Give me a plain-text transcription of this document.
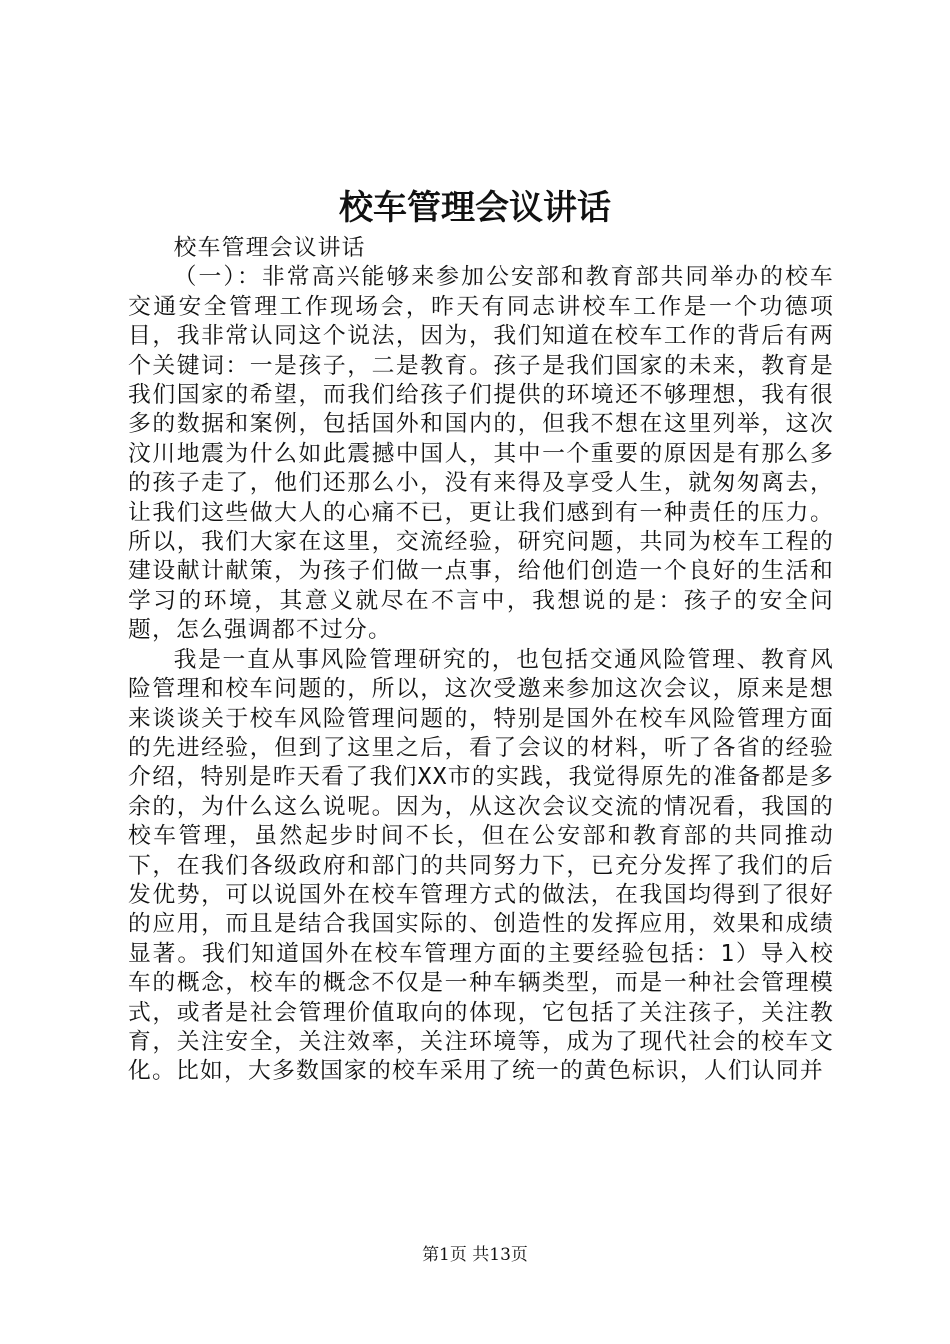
校车管理会议讲话

校车管理会议讲话

（一）：非常高兴能够来参加公安部和教育部共同举办的校车交通安全管理工作现场会，昨天有同志讲校车工作是一个功德项目，我非常认同这个说法，因为，我们知道在校车工作的背后有两个关键词：一是孩子，二是教育。孩子是我们国家的未来，教育是我们国家的希望，而我们给孩子们提供的环境还不够理想，我有很多的数据和案例，包括国外和国内的，但我不想在这里列举，这次汶川地震为什么如此震撼中国人，其中一个重要的原因是有那么多的孩子走了，他们还那么小，没有来得及享受人生，就匆匆离去，让我们这些做大人的心痛不已，更让我们感到有一种责任的压力。所以，我们大家在这里，交流经验，研究问题，共同为校车工程的建设献计献策，为孩子们做一点事，给他们创造一个良好的生活和学习的环境，其意义就尽在不言中，我想说的是：孩子的安全问题，怎么强调都不过分。

我是一直从事风险管理研究的，也包括交通风险管理、教育风险管理和校车问题的，所以，这次受邀来参加这次会议，原来是想来谈谈关于校车风险管理问题的，特别是国外在校车风险管理方面的先进经验，但到了这里之后，看了会议的材料，听了各省的经验介绍，特别是昨天看了我们XX市的实践，我觉得原先的准备都是多余的，为什么这么说呢。因为，从这次会议交流的情况看，我国的校车管理，虽然起步时间不长，但在公安部和教育部的共同推动下，在我们各级政府和部门的共同努力下，已充分发挥了我们的后发优势，可以说国外在校车管理方式的做法，在我国均得到了很好的应用，而且是结合我国实际的、创造性的发挥应用，效果和成绩显著。我们知道国外在校车管理方面的主要经验包括：1）导入校车的概念，校车的概念不仅是一种车辆类型，而是一种社会管理模式，或者是社会管理价值取向的体现，它包括了关注孩子，关注教育，关注安全，关注效率，关注环境等，成为了现代社会的校车文化。比如，大多数国家的校车采用了统一的黄色标识，人们认同并

第1页 共13页
